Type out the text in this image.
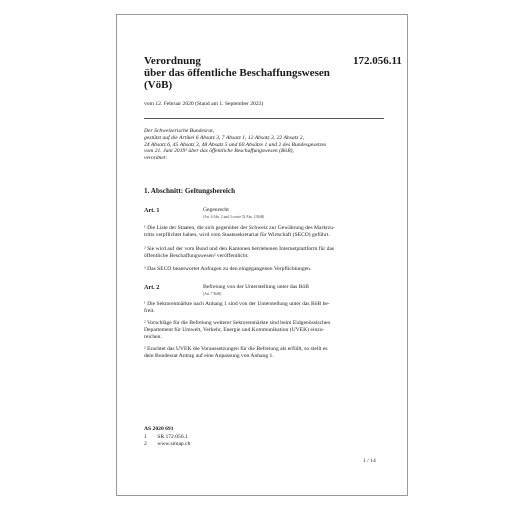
Verordnung
über das öffentliche Beschaffungswesen
(VöB)
172.056.11
vom 12. Februar 2020 (Stand am 1. September 2023)
Der Schweizerische Bundesrat,
gestützt auf die Artikel 6 Absatz 3, 7 Absatz 1, 12 Absatz 3, 22 Absatz 2,
24 Absatz 6, 45 Absatz 3, 48 Absatz 5 und 60 Absätze 1 und 2 des Bundesgesetzes
vom 21. Juni 2019¹ über das öffentliche Beschaffungswesen (BöB),
verordnet:
1. Abschnitt: Geltungsbereich
Art. 1	Gegenrecht
(Art. 6 Abs. 2 und 3 sowie 52 Abs. 2 BöB)
¹ Die Liste der Staaten, die sich gegenüber der Schweiz zur Gewährung des Marktzu-
tritts verpflichtet haben, wird vom Staatssekretariat für Wirtschaft (SECO) geführt.
² Sie wird auf der vom Bund und den Kantonen betriebenen Internetplattform für das
öffentliche Beschaffungswesen² veröffentlicht.
³ Das SECO beantwortet Anfragen zu den eingegangenen Verpflichtungen.
Art. 2	Befreiung von der Unterstellung unter das BöB
(Art. 7 BöB)
¹ Die Sektorenmärkte nach Anhang 1 sind von der Unterstellung unter das BöB be-
freit.
² Vorschläge für die Befreiung weiterer Sektorenmärkte sind beim Eidgenössischen
Departement für Umwelt, Verkehr, Energie und Kommunikation (UVEK) einzu-
reichen.
³ Erachtet das UVEK die Voraussetzungen für die Befreiung als erfüllt, so stellt es
dem Bundesrat Antrag auf eine Anpassung von Anhang 1.
AS 2020 691
1 SR 172.056.1
2 www.simap.ch
1 / 14
